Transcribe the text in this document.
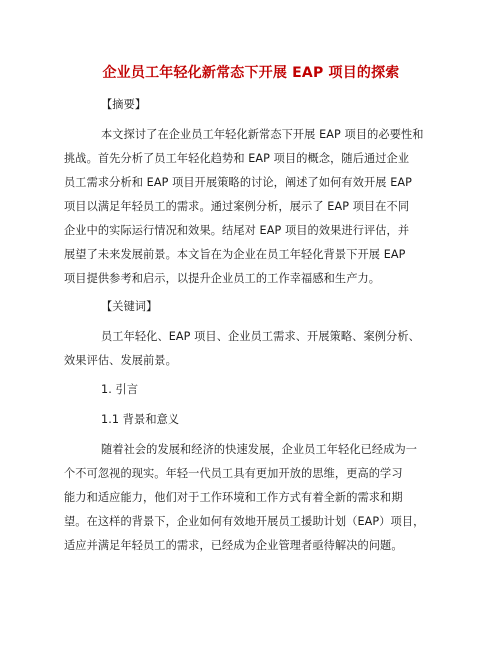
企业员工年轻化新常态下开展 EAP 项目的探索
【摘要】
本文探讨了在企业员工年轻化新常态下开展 EAP 项目的必要性和
挑战。首先分析了员工年轻化趋势和 EAP 项目的概念，随后通过企业
员工需求分析和 EAP 项目开展策略的讨论，阐述了如何有效开展 EAP
项目以满足年轻员工的需求。通过案例分析，展示了 EAP 项目在不同
企业中的实际运行情况和效果。结尾对 EAP 项目的效果进行评估，并
展望了未来发展前景。本文旨在为企业在员工年轻化背景下开展 EAP
项目提供参考和启示，以提升企业员工的工作幸福感和生产力。
【关键词】
员工年轻化、EAP 项目、企业员工需求、开展策略、案例分析、
效果评估、发展前景。
1. 引言
1.1 背景和意义
随着社会的发展和经济的快速发展，企业员工年轻化已经成为一
个不可忽视的现实。年轻一代员工具有更加开放的思维，更高的学习
能力和适应能力，他们对于工作环境和工作方式有着全新的需求和期
望。在这样的背景下，企业如何有效地开展员工援助计划（EAP）项目，
适应并满足年轻员工的需求，已经成为企业管理者亟待解决的问题。
